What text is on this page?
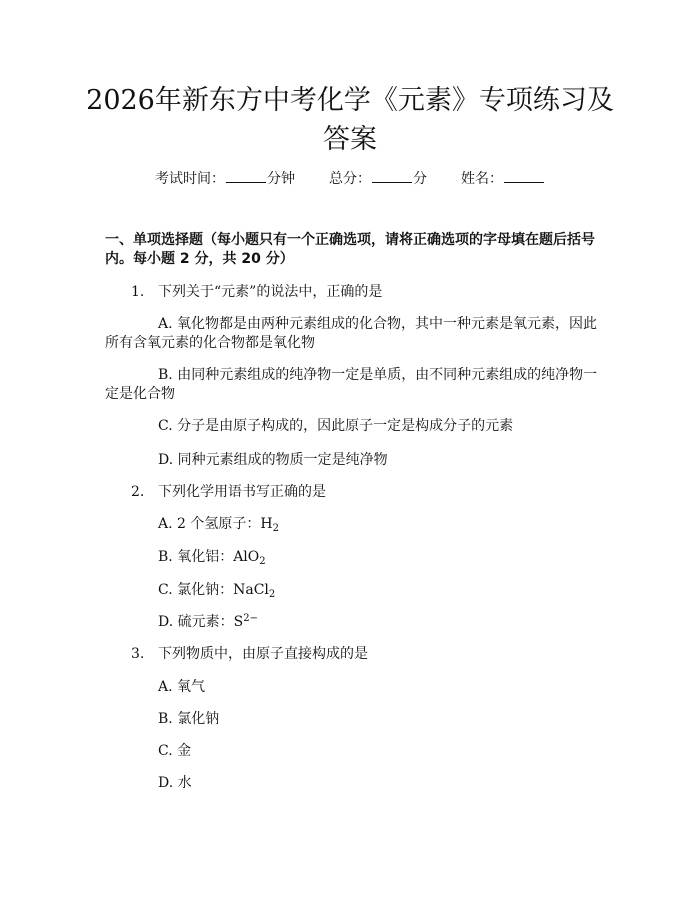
2026年新东方中考化学《元素》专项练习及
答案
考试时间：	分钟 总分：	分 姓名：
一、单项选择题（每小题只有一个正确选项，请将正确选项的字母填在题后括号
内。每小题 2 分，共 20 分）
1. 下列关于“元素”的说法中，正确的是
A. 氧化物都是由两种元素组成的化合物，其中一种元素是氧元素，因此
所有含氧元素的化合物都是氧化物
B. 由同种元素组成的纯净物一定是单质，由不同种元素组成的纯净物一
定是化合物
C. 分子是由原子构成的，因此原子一定是构成分子的元素
D. 同种元素组成的物质一定是纯净物
2. 下列化学用语书写正确的是
A. 2 个氢原子：$H_2$
B. 氧化铝：AlO$_2$
C. 氯化钠：NaCl$_2$
D. 硫元素：$S^{2-}$
3. 下列物质中，由原子直接构成的是
A. 氧气
B. 氯化钠
C. 金
D. 水
